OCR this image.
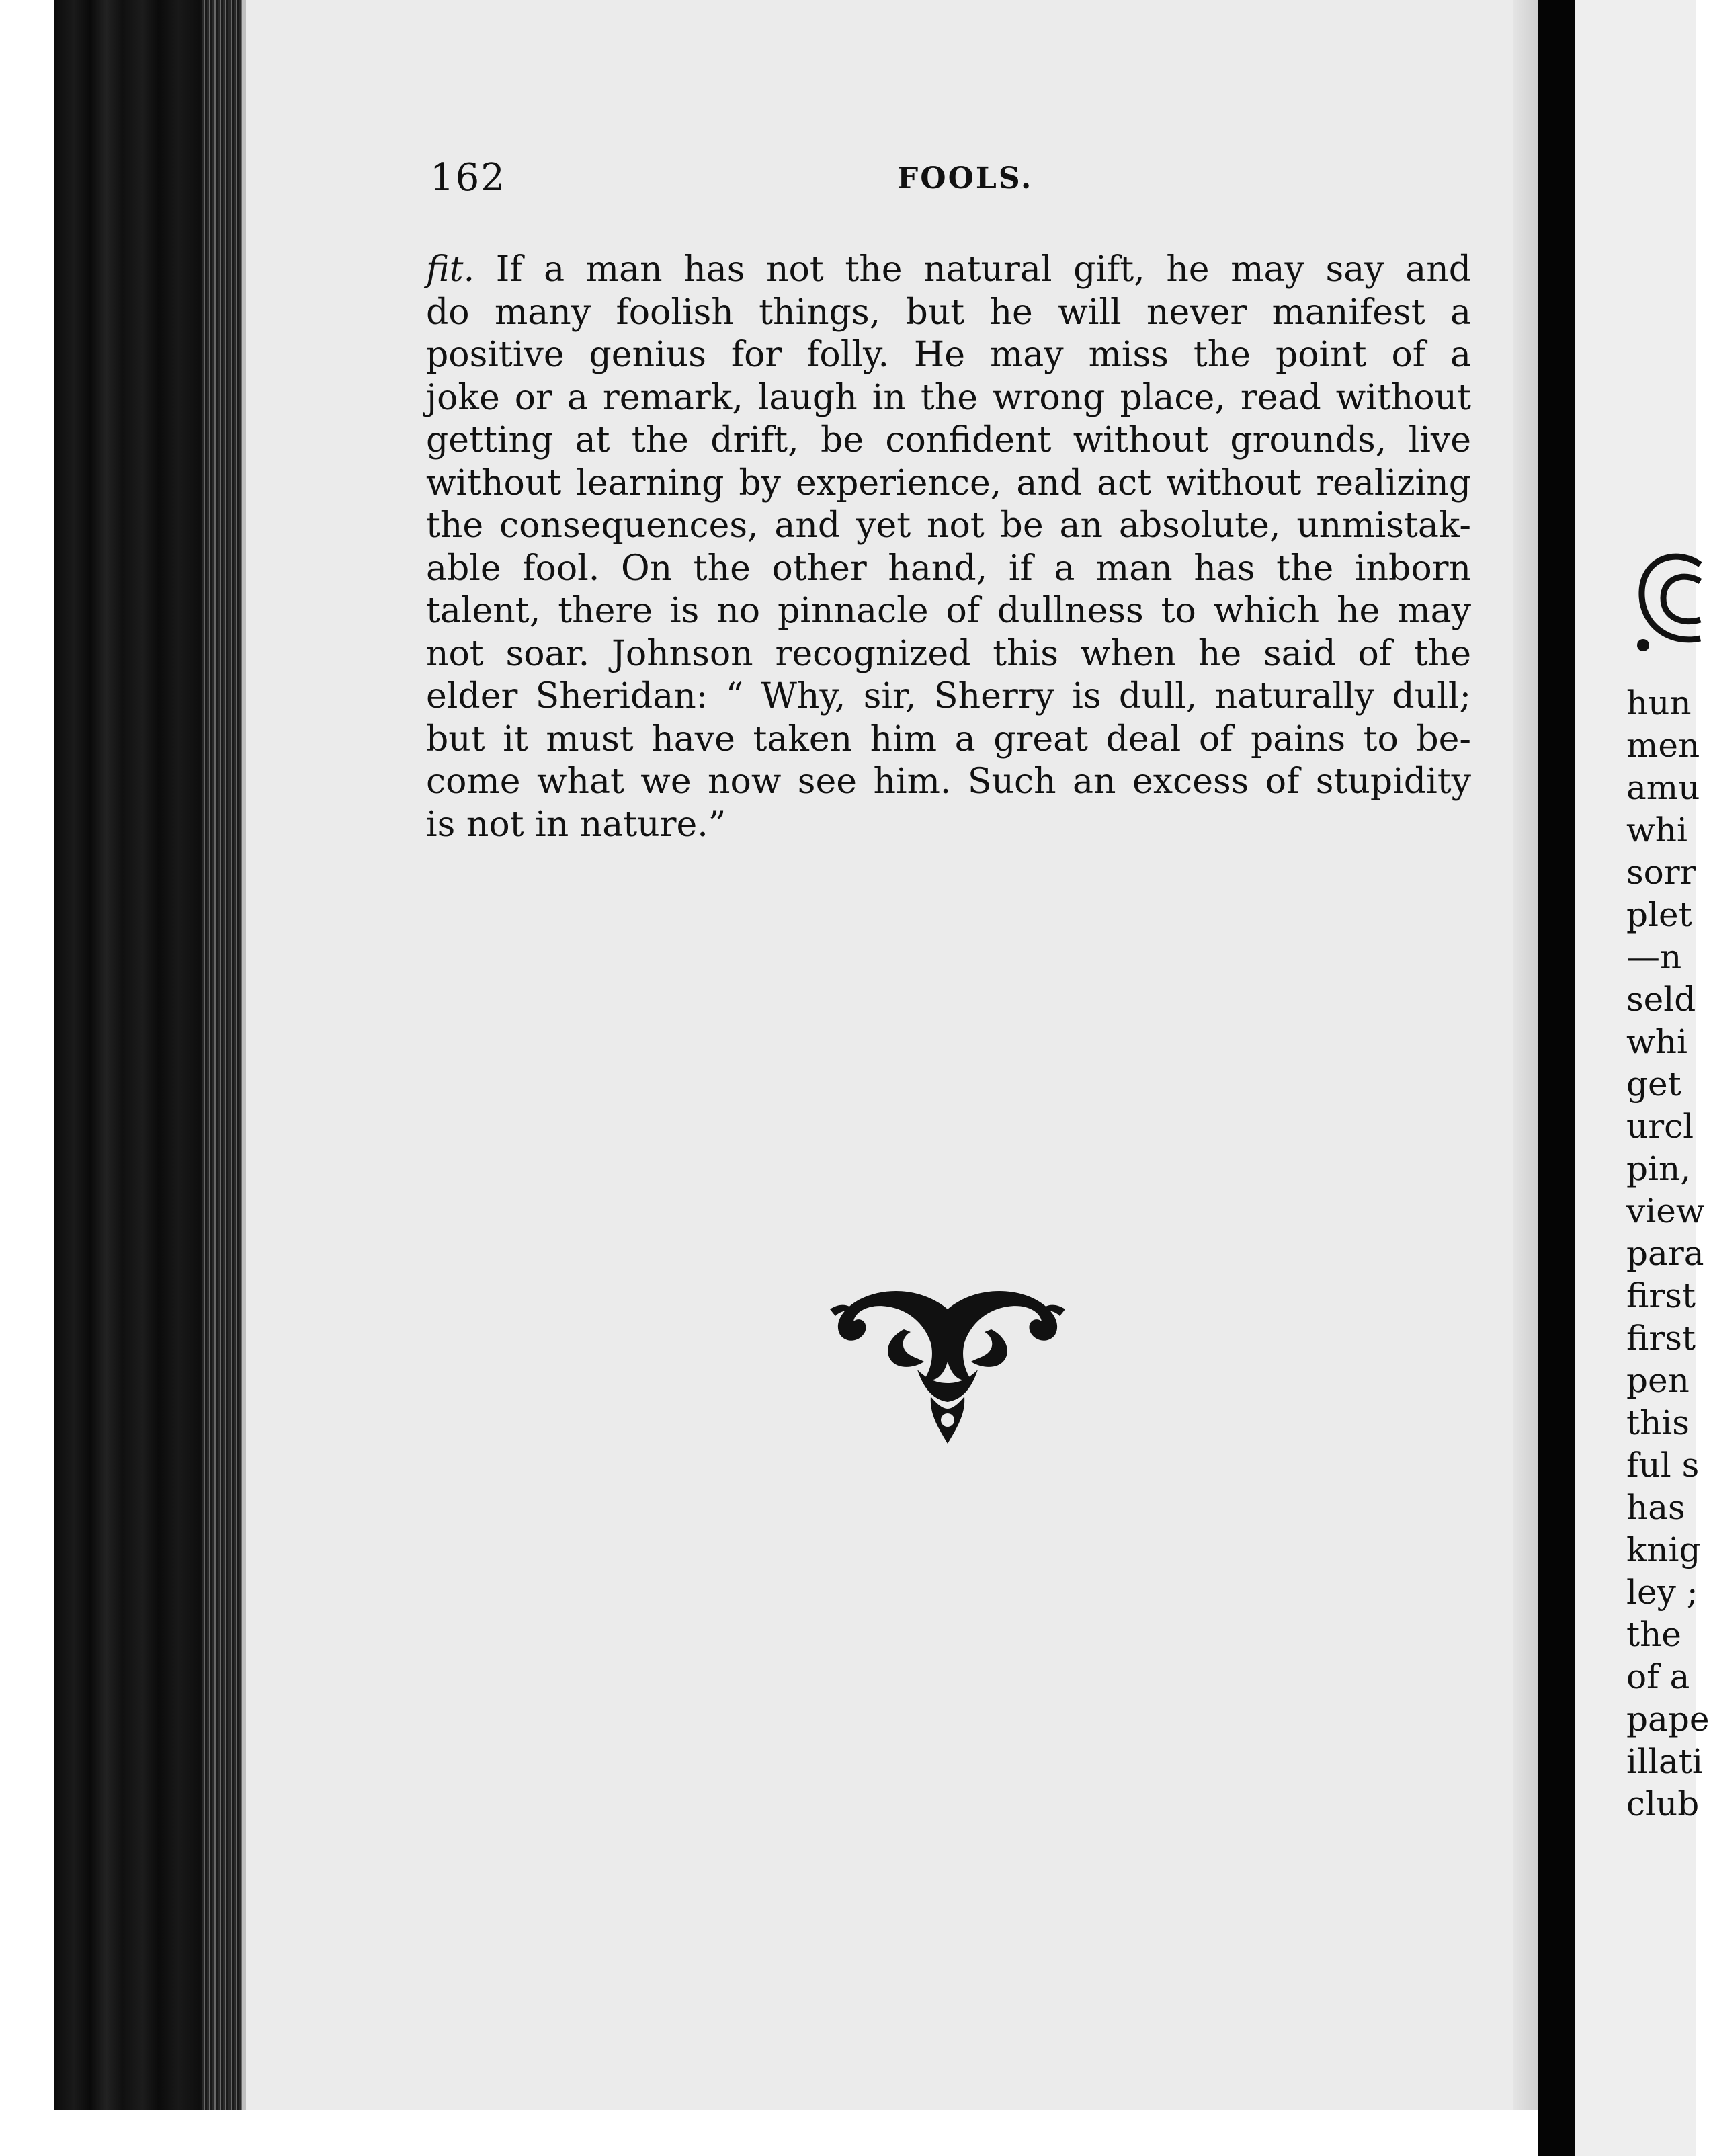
162	FOOLS.
fit. If a man has not the natural gift, he may say and
do many foolish things, but he will never manifest a
positive genius for folly. He may miss the point of a
joke or a remark, laugh in the wrong place, read without
getting at the drift, be confident without grounds, live
without learning by experience, and act without realizing
the consequences, and yet not be an absolute, unmistak-
able fool. On the other hand, if a man has the inborn
talent, there is no pinnacle of dullness to which he may
not soar. Johnson recognized this when he said of the
elder Sheridan: “ Why, sir, Sherry is dull, naturally dull;
but it must have taken him a great deal of pains to be-
come what we now see him. Such an excess of stupidity
is not in nature.”
hun
men
amu
whi
sorr
plet
—n
seld
whi
get
urcl
pin,
view
para
first
first
pen
this
ful s
has
knig
ley ;
the
of a
pape
illati
club
